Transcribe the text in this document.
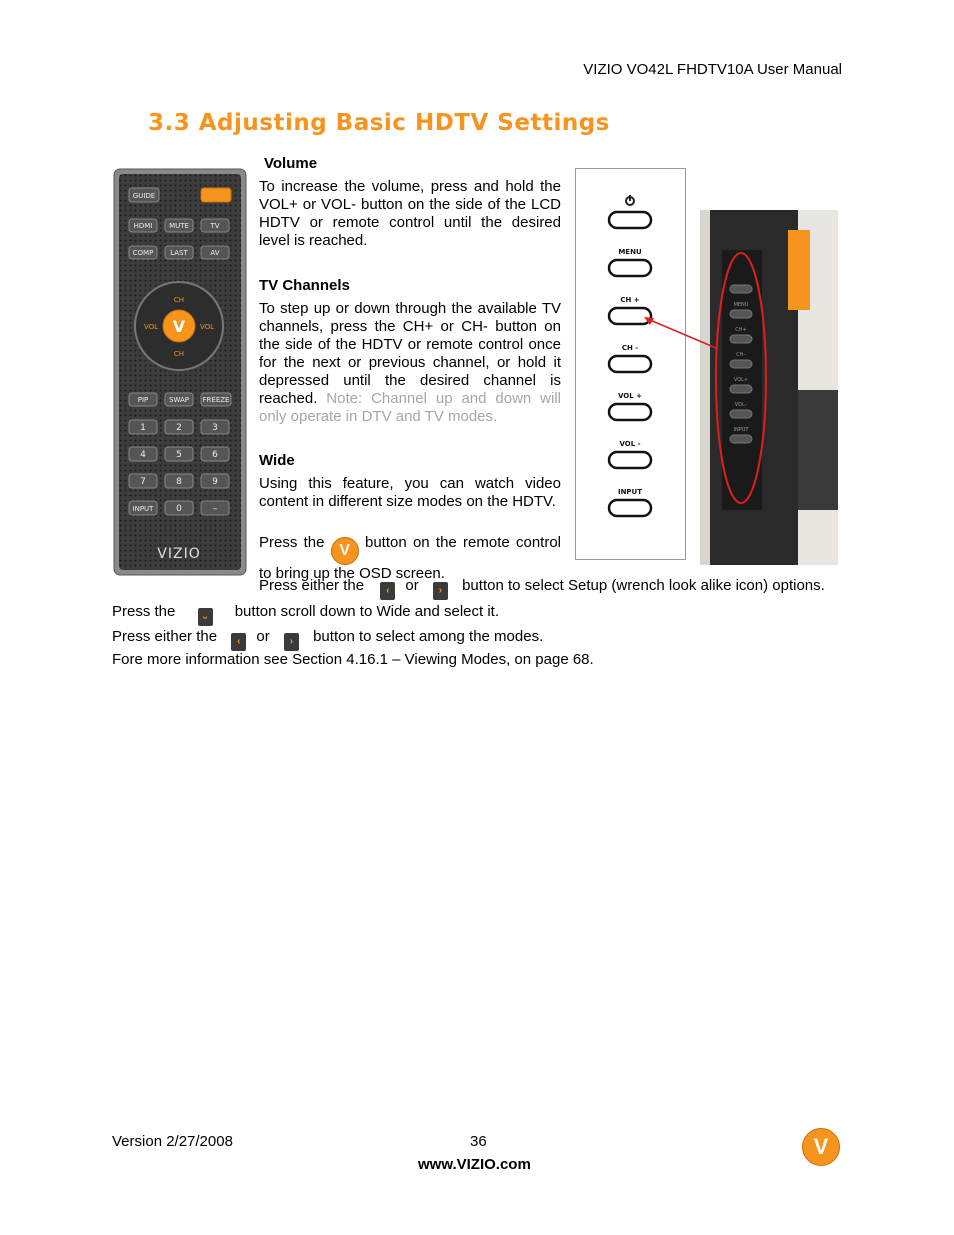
VIZIO VO42L FHDTV10A User Manual
3.3 Adjusting Basic HDTV Settings
GUIDE
HDMI MUTE	TV
COMP LAST	AV
V
CH
CH
VOL	VOL
PIP	SWAP FREEZE
1	2	3
4	5	6
7	8	9
INPUT	0	–
VIZIO
Volume
To increase the volume, press and hold the VOL+ or VOL- button on the side of the LCD HDTV or remote control until the desired level is reached.
TV Channels
To step up or down through the available TV channels, press the CH+ or CH- button on the side of the HDTV or remote control once for the next or previous channel, or hold it depressed until the desired channel is reached. Note: Channel up and down will only operate in DTV and TV modes.
Wide
Using this feature, you can watch video content in different size modes on the HDTV.
Press the V button on the remote control to bring up the OSD screen.
MENU
CH +
CH -
VOL +
VOL -
INPUT
MENU
CH+
CH–
VOL+
VOL–
INPUT
Press either the ‹ or › button to select Setup (wrench look alike icon) options.
Press the	⌄ button scroll down to Wide and select it.
Press either the ‹ or › button to select among the modes.
Fore more information see Section 4.16.1 – Viewing Modes, on page 68.
Version 2/27/2008	36
www.VIZIO.com
V
